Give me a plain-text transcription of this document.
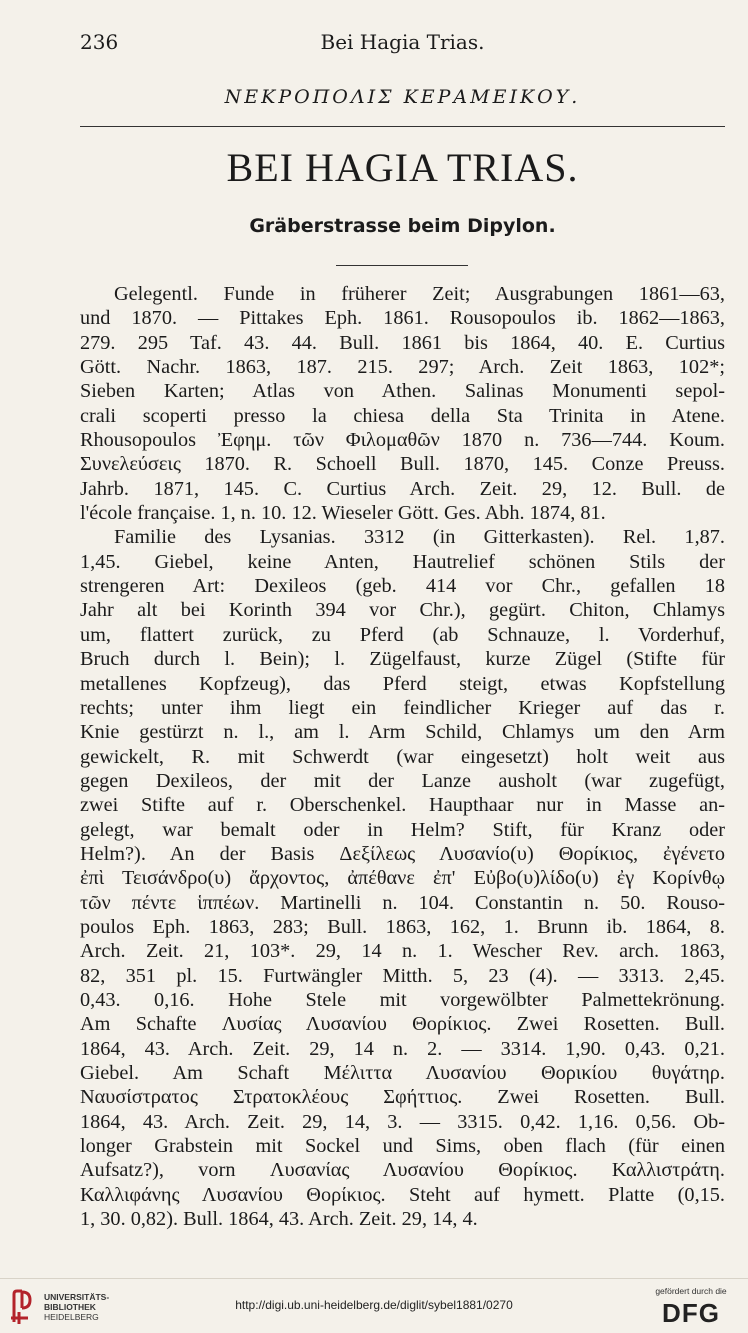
236	Bei Hagia Trias.
ΝΕΚΡΟΠΟΛΙΣ ΚΕΡΑΜΕΙΚΟΥ.
BEI HAGIA TRIAS.
Gräberstrasse beim Dipylon.
Gelegentl. Funde in früherer Zeit; Ausgrabungen 1861—63,
und 1870. — Pittakes Eph. 1861. Rousopoulos ib. 1862—1863,
279. 295 Taf. 43. 44. Bull. 1861 bis 1864, 40. E. Curtius
Gött. Nachr. 1863, 187. 215. 297; Arch. Zeit 1863, 102*;
Sieben Karten; Atlas von Athen. Salinas Monumenti sepol-
crali scoperti presso la chiesa della Sta Trinita in Atene.
Rhousopoulos Ἐφημ. τῶν Φιλομαθῶν 1870 n. 736—744. Koum.
Συνελεύσεις 1870. R. Schoell Bull. 1870, 145. Conze Preuss.
Jahrb. 1871, 145. C. Curtius Arch. Zeit. 29, 12. Bull. de
l'école française. 1, n. 10. 12. Wieseler Gött. Ges. Abh. 1874, 81.
Familie des Lysanias. 3312 (in Gitterkasten). Rel. 1,87.
1,45. Giebel, keine Anten, Hautrelief schönen Stils der
strengeren Art: Dexileos (geb. 414 vor Chr., gefallen 18
Jahr alt bei Korinth 394 vor Chr.), gegürt. Chiton, Chlamys
um, flattert zurück, zu Pferd (ab Schnauze, l. Vorderhuf,
Bruch durch l. Bein); l. Zügelfaust, kurze Zügel (Stifte für
metallenes Kopfzeug), das Pferd steigt, etwas Kopfstellung
rechts; unter ihm liegt ein feindlicher Krieger auf das r.
Knie gestürzt n. l., am l. Arm Schild, Chlamys um den Arm
gewickelt, R. mit Schwerdt (war eingesetzt) holt weit aus
gegen Dexileos, der mit der Lanze ausholt (war zugefügt,
zwei Stifte auf r. Oberschenkel. Haupthaar nur in Masse an-
gelegt, war bemalt oder in Helm? Stift, für Kranz oder
Helm?). An der Basis Δεξίλεως Λυσανίο(υ) Θορίκιος, ἐγένετο
ἐπὶ Τεισάνδρο(υ) ἄρχοντος, ἀπέθανε ἐπ' Εὐβο(υ)λίδο(υ) ἐγ Κορίνθῳ
τῶν πέντε ἱππέων. Martinelli n. 104. Constantin n. 50. Rouso-
poulos Eph. 1863, 283; Bull. 1863, 162, 1. Brunn ib. 1864, 8.
Arch. Zeit. 21, 103*. 29, 14 n. 1. Wescher Rev. arch. 1863,
82, 351 pl. 15. Furtwängler Mitth. 5, 23 (4). — 3313. 2,45.
0,43. 0,16. Hohe Stele mit vorgewölbter Palmettekrönung.
Am Schafte Λυσίας Λυσανίου Θορίκιος. Zwei Rosetten. Bull.
1864, 43. Arch. Zeit. 29, 14 n. 2. — 3314. 1,90. 0,43. 0,21.
Giebel. Am Schaft Μέλιττα Λυσανίου Θορικίου θυγάτηρ.
Ναυσίστρατος Στρατοκλέους Σφήττιος. Zwei Rosetten. Bull.
1864, 43. Arch. Zeit. 29, 14, 3. — 3315. 0,42. 1,16. 0,56. Ob-
longer Grabstein mit Sockel und Sims, oben flach (für einen
Aufsatz?), vorn Λυσανίας Λυσανίου Θορίκιος. Καλλιστράτη.
Καλλιφάνης Λυσανίου Θορίκιος. Steht auf hymett. Platte (0,15.
1, 30. 0,82). Bull. 1864, 43. Arch. Zeit. 29, 14, 4.
UNIVERSITÄTS-
BIBLIOTHEK
HEIDELBERG
http://digi.ub.uni-heidelberg.de/diglit/sybel1881/0270
gefördert durch die
DFG
